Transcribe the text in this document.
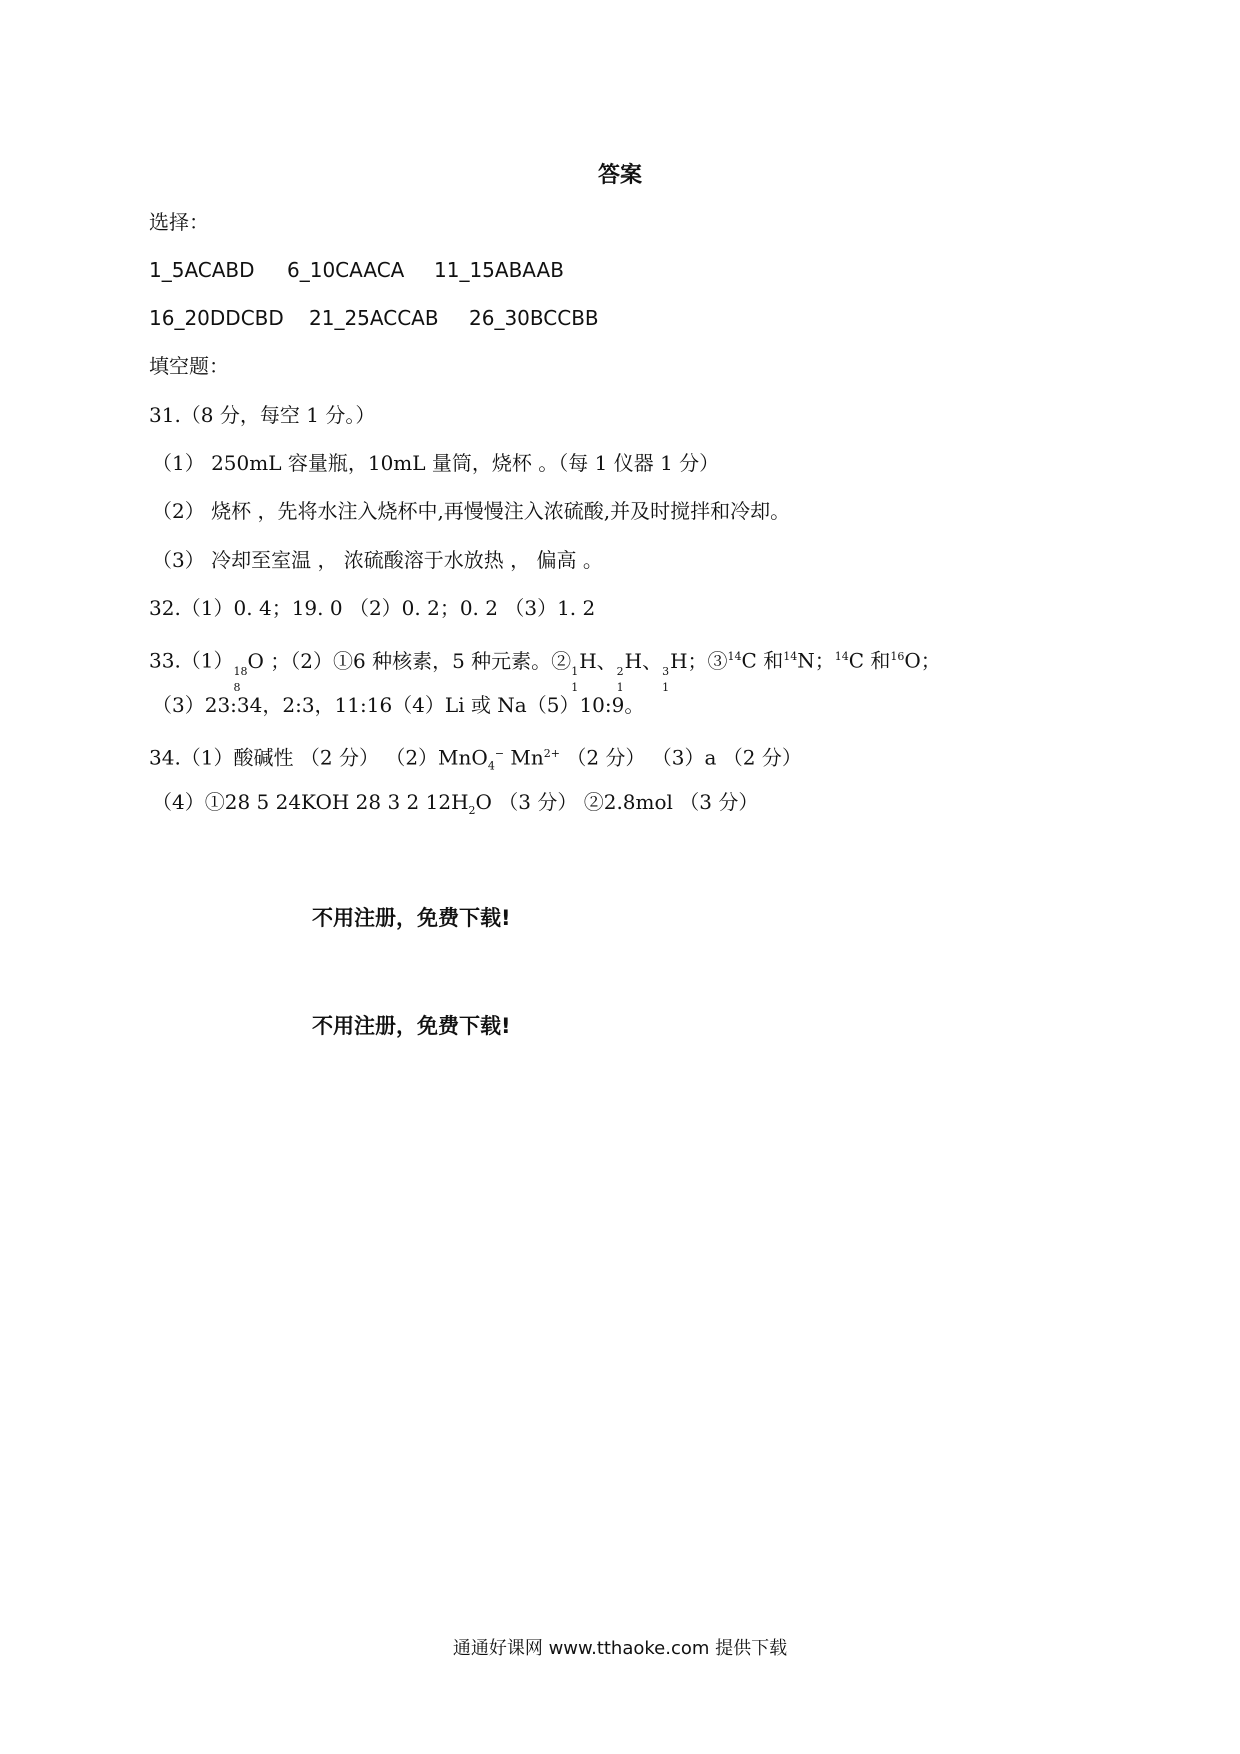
答案
选择：
1_5ACABD 6_10CAACA 11_15ABAAB
16_20DDCBD 21_25ACCAB 26_30BCCBB
填空题：
31.（8 分，每空 1 分。）
（1） 250mL 容量瓶，10mL 量筒，烧杯 。（每 1 仪器 1 分）
（2） 烧杯 ，先将水注入烧杯中,再慢慢注入浓硫酸,并及时搅拌和冷却。
（3） 冷却至室温 ， 浓硫酸溶于水放热 ， 偏高 。
32.（1）0. 4；19. 0 （2）0. 2；0. 2 （3）1. 2
33.（1） 18
8
O ；（2）①6 种核素，5 种元素。② 1
1
H、 2
1
H、 3
1
H；③$^{14}$C 和$^{14}$N；$^{14}$C 和$^{16}$O；
（3）23:34，2:3，11:16（4）Li 或 Na（5）10:9。
34.（1）酸碱性 （2 分） （2）MnO$_4$− $Mn^{2+}$ （2 分） （3）a （2 分）
（4）①28 5 24KOH 28 3 2 $12H_2O$ （3 分） ②2.8mol （3 分）
不用注册，免费下载!
不用注册，免费下载!
通通好课网 www.tthaoke.com 提供下载
